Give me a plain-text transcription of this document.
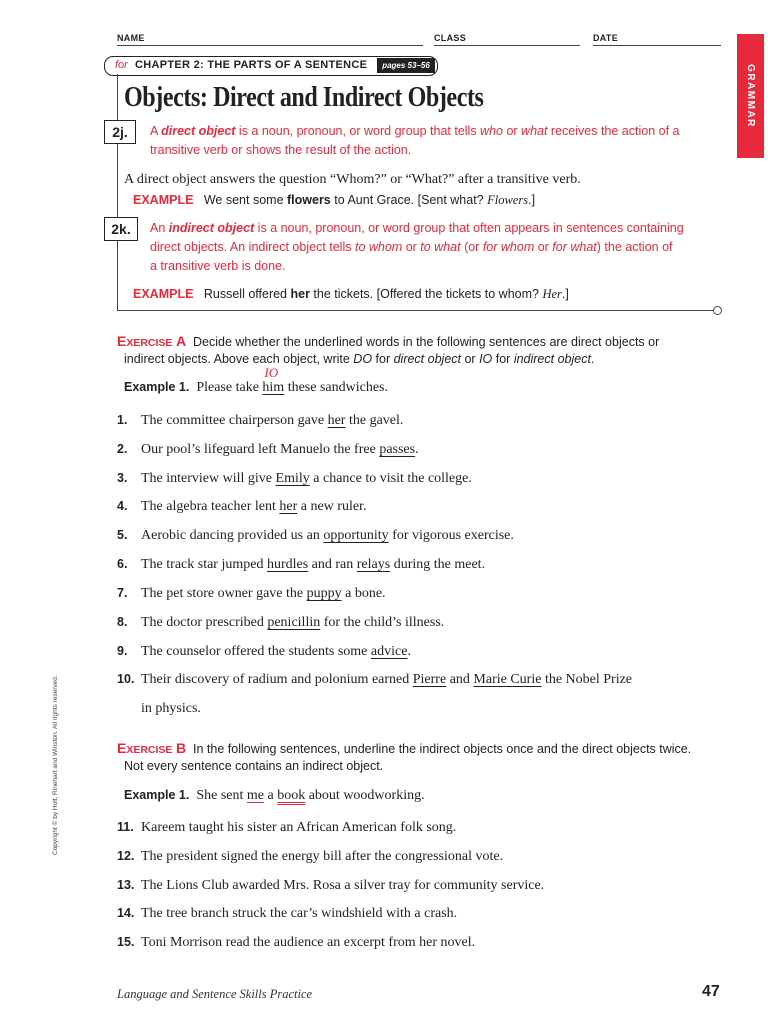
NAME	CLASS	DATE
GRAMMAR
for CHAPTER 2: THE PARTS OF A SENTENCE	pages 53–56
Objects: Direct and Indirect Objects
2j.	A direct object is a noun, pronoun, or word group that tells who or what receives the action of a
transitive verb or shows the result of the action.
A direct object answers the question “Whom?” or “What?” after a transitive verb.
EXAMPLE We sent some flowers to Aunt Grace. [Sent what? Flowers.]
2k.	An indirect object is a noun, pronoun, or word group that often appears in sentences containing
direct objects. An indirect object tells to whom or to what (or for whom or for what) the action of
a transitive verb is done.
EXAMPLE Russell offered her the tickets. [Offered the tickets to whom? Her.]
EXERCISE A Decide whether the underlined words in the following sentences are direct objects or
indirect objects. Above each object, write DO for direct object or IO for indirect object.
Example 1. Please take him
IO
these sandwiches.
1. The committee chairperson gave her the gavel.
2. Our pool’s lifeguard left Manuelo the free passes.
3. The interview will give Emily a chance to visit the college.
4. The algebra teacher lent her a new ruler.
5. Aerobic dancing provided us an opportunity for vigorous exercise.
6. The track star jumped hurdles and ran relays during the meet.
7. The pet store owner gave the puppy a bone.
8. The doctor prescribed penicillin for the child’s illness.
9. The counselor offered the students some advice.
10. Their discovery of radium and polonium earned Pierre and Marie Curie the Nobel Prize
in physics.
EXERCISE B In the following sentences, underline the indirect objects once and the direct objects twice.
Not every sentence contains an indirect object.
Example 1. She sent me a book about woodworking.
11. Kareem taught his sister an African American folk song.
12. The president signed the energy bill after the congressional vote.
13. The Lions Club awarded Mrs. Rosa a silver tray for community service.
14. The tree branch struck the car’s windshield with a crash.
15. Toni Morrison read the audience an excerpt from her novel.
Copyright © by Holt, Rinehart and Winston. All rights reserved.
Language and Sentence Skills Practice	47
